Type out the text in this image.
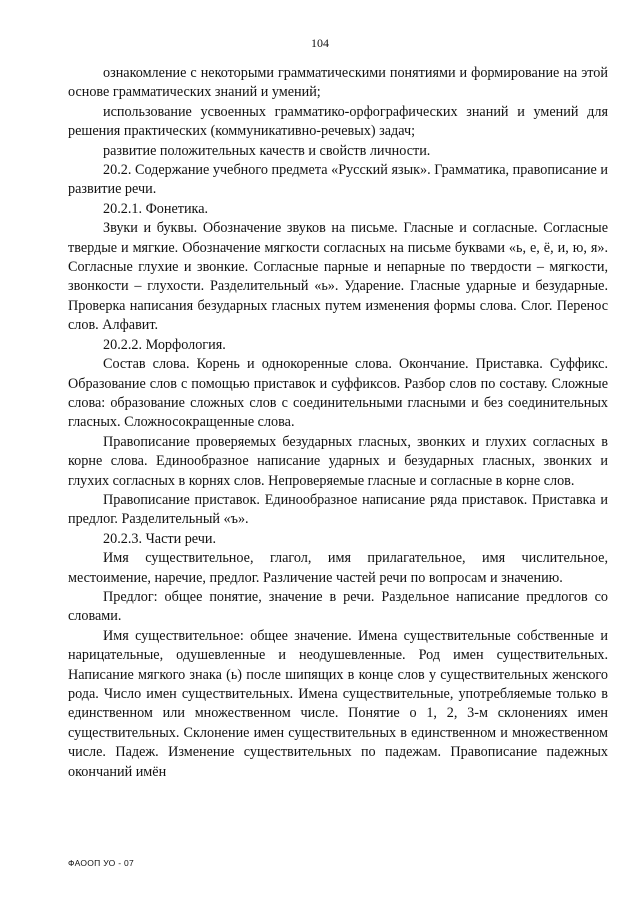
104

ознакомление с некоторыми грамматическими понятиями и формирование на этой основе грамматических знаний и умений;

использование усвоенных грамматико-орфографических знаний и умений для решения практических (коммуникативно-речевых) задач;

развитие положительных качеств и свойств личности.

20.2. Содержание учебного предмета «Русский язык». Грамматика, правописание и развитие речи.

20.2.1. Фонетика.

Звуки и буквы. Обозначение звуков на письме. Гласные и согласные. Согласные твердые и мягкие. Обозначение мягкости согласных на письме буквами «ь, е, ё, и, ю, я». Согласные глухие и звонкие. Согласные парные и непарные по твердости – мягкости, звонкости – глухости. Разделительный «ь». Ударение. Гласные ударные и безударные. Проверка написания безударных гласных путем изменения формы слова. Слог. Перенос слов. Алфавит.

20.2.2. Морфология.

Состав слова. Корень и однокоренные слова. Окончание. Приставка. Суффикс. Образование слов с помощью приставок и суффиксов. Разбор слов по составу. Сложные слова: образование сложных слов с соединительными гласными и без соединительных гласных. Сложносокращенные слова.

Правописание проверяемых безударных гласных, звонких и глухих согласных в корне слова. Единообразное написание ударных и безударных гласных, звонких и глухих согласных в корнях слов. Непроверяемые гласные и согласные в корне слов.

Правописание приставок. Единообразное написание ряда приставок. Приставка и предлог. Разделительный «ъ».

20.2.3. Части речи.

Имя существительное, глагол, имя прилагательное, имя числительное, местоимение, наречие, предлог. Различение частей речи по вопросам и значению.

Предлог: общее понятие, значение в речи. Раздельное написание предлогов со словами.

Имя существительное: общее значение. Имена существительные собственные и нарицательные, одушевленные и неодушевленные. Род имен существительных. Написание мягкого знака (ь) после шипящих в конце слов у существительных женского рода. Число имен существительных. Имена существительные, употребляемые только в единственном или множественном числе. Понятие о 1, 2, 3-м склонениях имен существительных. Склонение имен существительных в единственном и множественном числе. Падеж. Изменение существительных по падежам. Правописание падежных окончаний имён

ФАООП УО - 07
